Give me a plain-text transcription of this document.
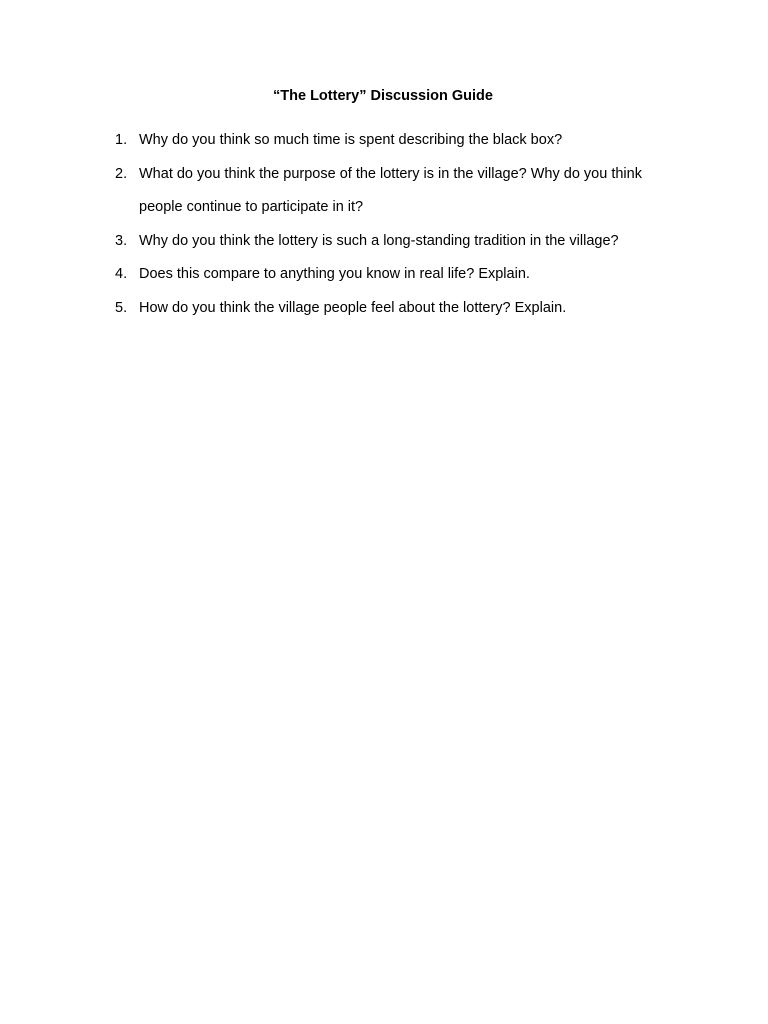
“The Lottery” Discussion Guide
1. Why do you think so much time is spent describing the black box?
2. What do you think the purpose of the lottery is in the village? Why do you think people continue to participate in it?
3. Why do you think the lottery is such a long-standing tradition in the village?
4. Does this compare to anything you know in real life? Explain.
5. How do you think the village people feel about the lottery? Explain.
